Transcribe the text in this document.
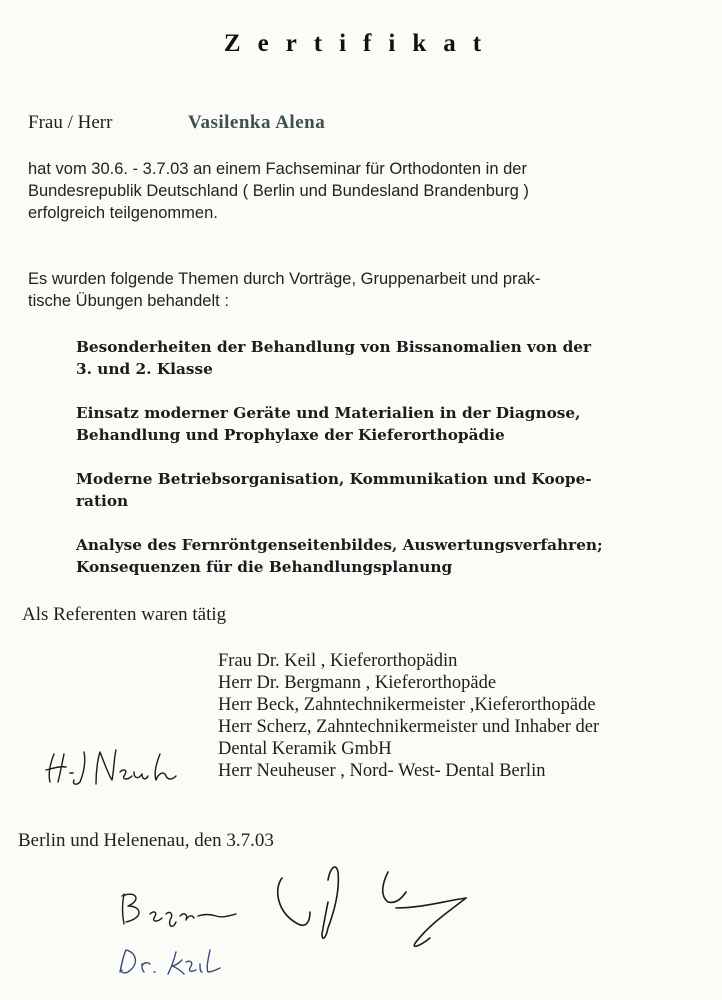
Zertifikat
Frau / Herr	Vasilenka Alena
hat vom 30.6. - 3.7.03 an einem Fachseminar für Orthodonten in der
Bundesrepublik Deutschland ( Berlin und Bundesland Brandenburg )
erfolgreich teilgenommen.
Es wurden folgende Themen durch Vorträge, Gruppenarbeit und prak-
tische Übungen behandelt :
Besonderheiten der Behandlung von Bissanomalien von der
3. und 2. Klasse
Einsatz moderner Geräte und Materialien in der Diagnose,
Behandlung und Prophylaxe der Kieferorthopädie
Moderne Betriebsorganisation, Kommunikation und Koope-
ration
Analyse des Fernröntgenseitenbildes, Auswertungsverfahren;
Konsequenzen für die Behandlungsplanung
Als Referenten waren tätig
Frau Dr. Keil , Kieferorthopädin
Herr Dr. Bergmann , Kieferorthopäde
Herr Beck, Zahntechnikermeister ,Kieferorthopäde
Herr Scherz, Zahntechnikermeister und Inhaber der
Dental Keramik GmbH
Herr Neuheuser , Nord- West- Dental Berlin
Berlin und Helenenau, den 3.7.03
